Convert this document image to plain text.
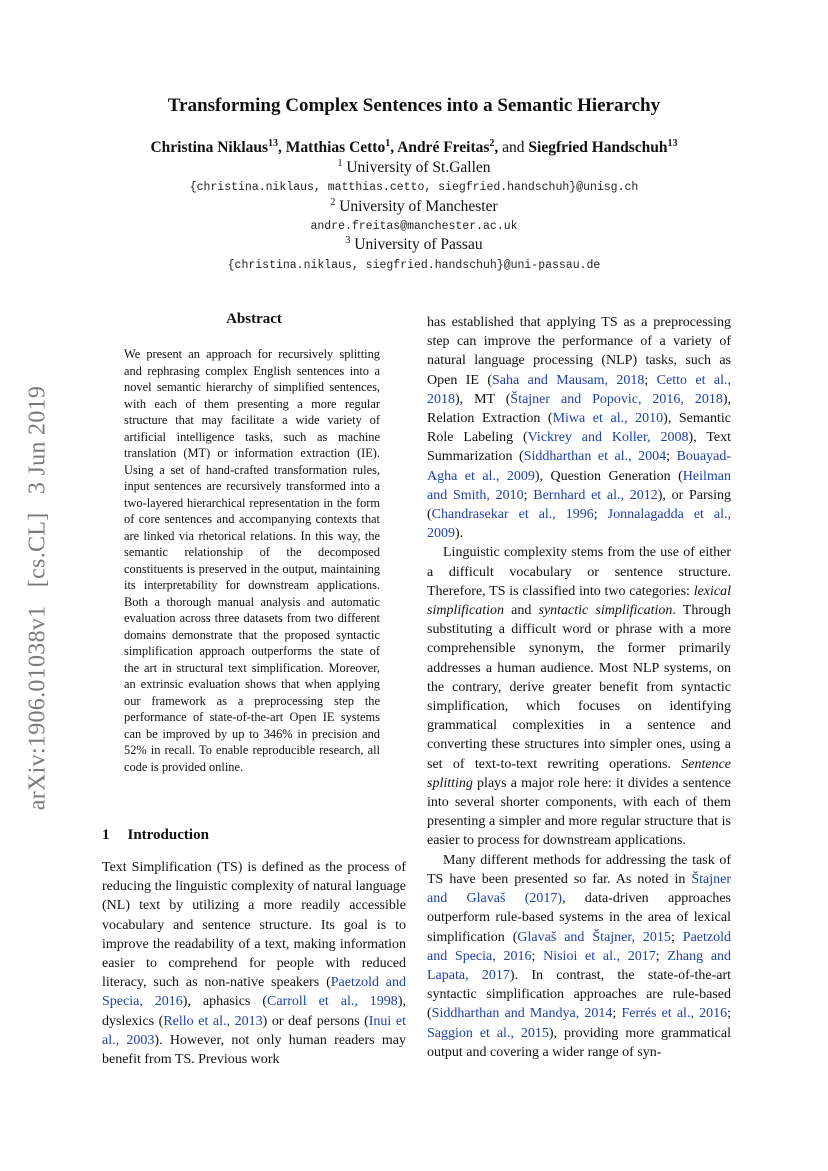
arXiv:1906.01038v1 [cs.CL] 3 Jun 2019
Transforming Complex Sentences into a Semantic Hierarchy
Christina Niklaus$^{13}$, Matthias Cetto$^1$, André Freitas$^2$, and Siegfried Handschuh$^{13}$
$^1$ University of St.Gallen
{christina.niklaus, matthias.cetto, siegfried.handschuh}@unisg.ch
$^2$ University of Manchester
andre.freitas@manchester.ac.uk
$^3$ University of Passau
{christina.niklaus, siegfried.handschuh}@uni-passau.de
Abstract
We present an approach for recursively splitting and rephrasing complex English sentences into a novel semantic hierarchy of simplified sentences, with each of them presenting a more regular structure that may facilitate a wide variety of artificial intelligence tasks, such as machine translation (MT) or information extraction (IE). Using a set of hand-crafted transformation rules, input sentences are recursively transformed into a two-layered hierarchical representation in the form of core sentences and accompanying contexts that are linked via rhetorical relations. In this way, the semantic relationship of the decomposed constituents is preserved in the output, maintaining its interpretability for downstream applications. Both a thorough manual analysis and automatic evaluation across three datasets from two different domains demonstrate that the proposed syntactic simplification approach outperforms the state of the art in structural text simplification. Moreover, an extrinsic evaluation shows that when applying our framework as a preprocessing step the performance of state-of-the-art Open IE systems can be improved by up to 346% in precision and 52% in recall. To enable reproducible research, all code is provided online.
1 Introduction

Text Simplification (TS) is defined as the process of reducing the linguistic complexity of natural language (NL) text by utilizing a more readily accessible vocabulary and sentence structure. Its goal is to improve the readability of a text, making information easier to comprehend for people with reduced literacy, such as non-native speakers (Paetzold and Specia, 2016), aphasics (Carroll et al., 1998), dyslexics (Rello et al., 2013) or deaf persons (Inui et al., 2003). However, not only human readers may benefit from TS. Previous work

has established that applying TS as a preprocessing step can improve the performance of a variety of natural language processing (NLP) tasks, such as Open IE (Saha and Mausam, 2018; Cetto et al., 2018), MT (Štajner and Popovic, 2016, 2018), Relation Extraction (Miwa et al., 2010), Semantic Role Labeling (Vickrey and Koller, 2008), Text Summarization (Siddharthan et al., 2004; Bouayad-Agha et al., 2009), Question Generation (Heilman and Smith, 2010; Bernhard et al., 2012), or Parsing (Chandrasekar et al., 1996; Jonnalagadda et al., 2009).

Linguistic complexity stems from the use of either a difficult vocabulary or sentence structure. Therefore, TS is classified into two categories: lexical simplification and syntactic simplification. Through substituting a difficult word or phrase with a more comprehensible synonym, the former primarily addresses a human audience. Most NLP systems, on the contrary, derive greater benefit from syntactic simplification, which focuses on identifying grammatical complexities in a sentence and converting these structures into simpler ones, using a set of text-to-text rewriting operations. Sentence splitting plays a major role here: it divides a sentence into several shorter components, with each of them presenting a simpler and more regular structure that is easier to process for downstream applications.

Many different methods for addressing the task of TS have been presented so far. As noted in Štajner and Glavaš (2017), data-driven approaches outperform rule-based systems in the area of lexical simplification (Glavaš and Štajner, 2015; Paetzold and Specia, 2016; Nisioi et al., 2017; Zhang and Lapata, 2017). In contrast, the state-of-the-art syntactic simplification approaches are rule-based (Siddharthan and Mandya, 2014; Ferrés et al., 2016; Saggion et al., 2015), providing more grammatical output and covering a wider range of syn-
